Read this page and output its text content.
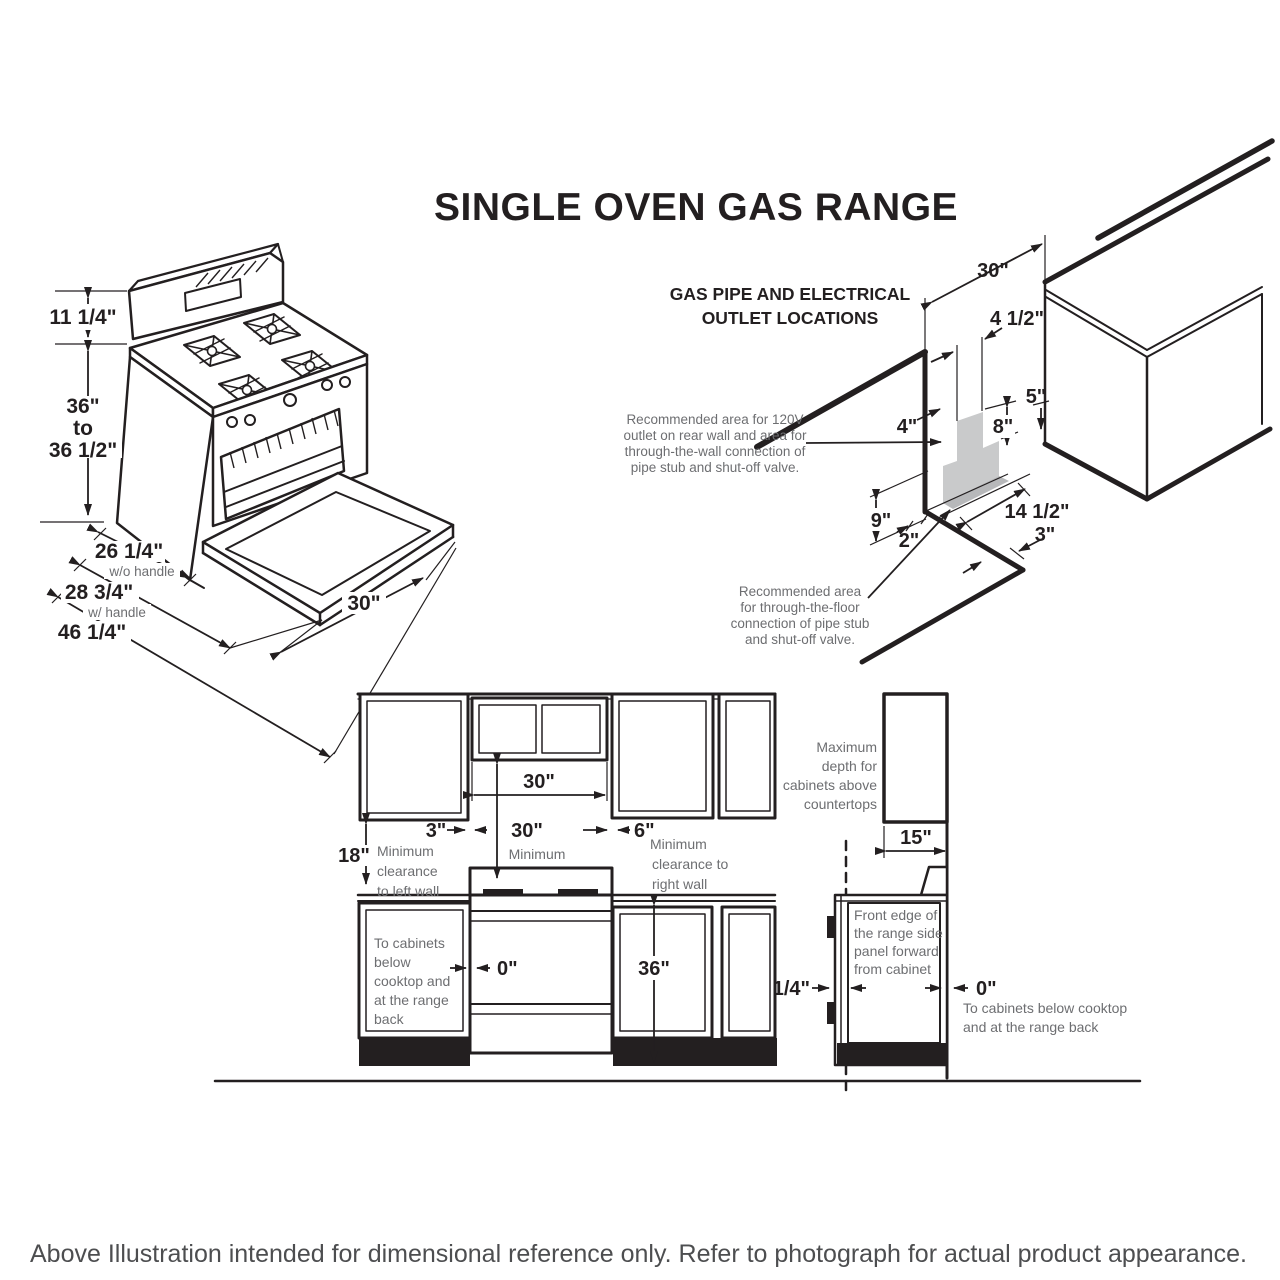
SINGLE OVEN GAS RANGE
11 1/4"
36"
to
36 1/2"
26 1/4"
w/o handle
28 3/4"
w/ handle
46 1/4"
30"
GAS PIPE AND ELECTRICAL
OUTLET LOCATIONS
30"
4 1/2"
4"	8"
5"
9"
2"
14 1/2"
3"
Recommended area for 120V
outlet on rear wall and area for
through-the-wall connection of
pipe stub and shut-off valve.
Recommended area
for through-the-floor
connection of pipe stub
and shut-off valve.
30"
30"
Minimum
3"	6"
Minimum
clearance to
right wall
18" Minimum
clearance
to left wall
To cabinets
below
cooktop and
at the range
back
0"	36"
Maximum
depth for
cabinets above
countertops
15"
Front edge of
the range side
panel forward
from cabinet
1/4"	0"
To cabinets below cooktop
and at the range back
Above Illustration intended for dimensional reference only. Refer to photograph for actual product appearance.
